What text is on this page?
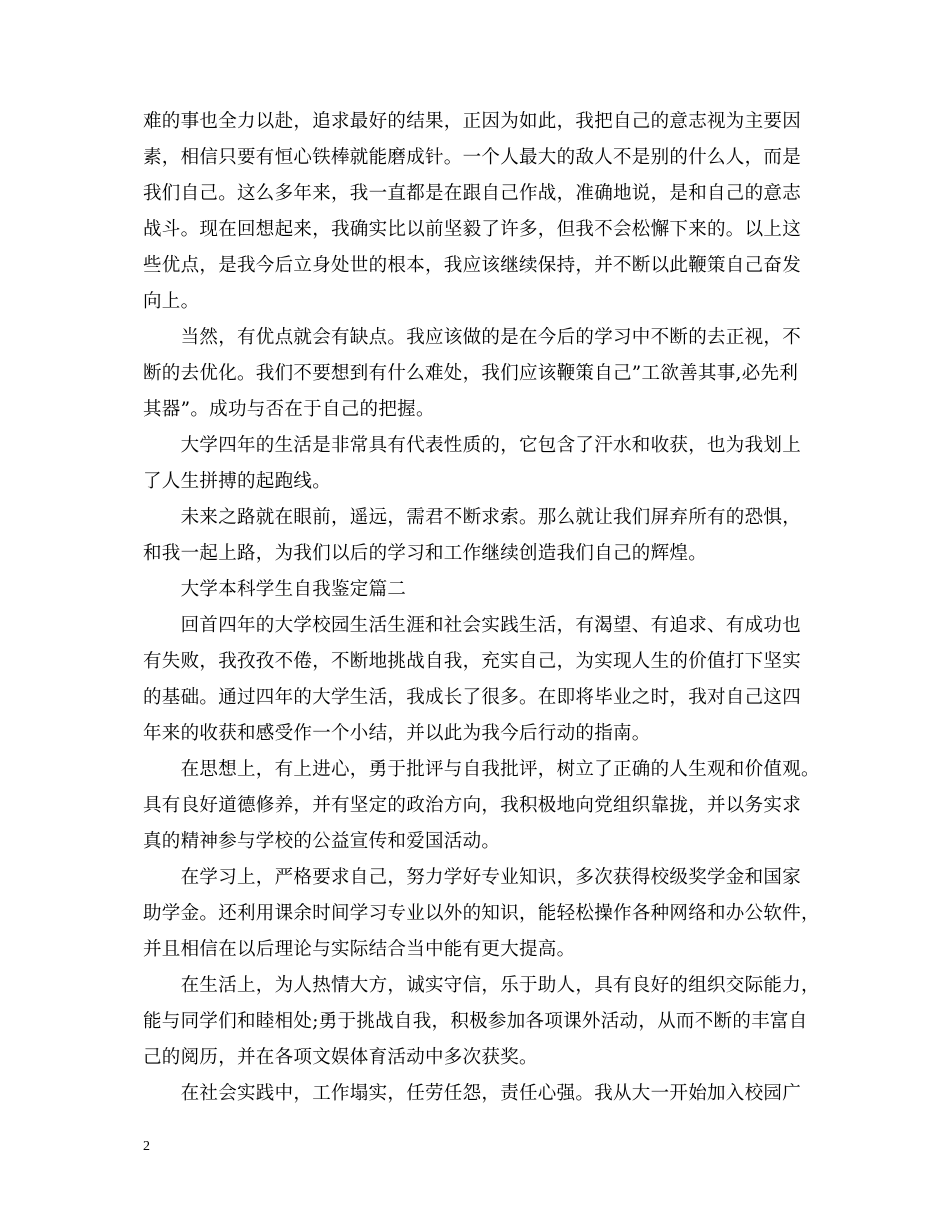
难的事也全力以赴，追求最好的结果，正因为如此，我把自己的意志视为主要因
素，相信只要有恒心铁棒就能磨成针。一个人最大的敌人不是别的什么人，而是
我们自己。这么多年来，我一直都是在跟自己作战，准确地说，是和自己的意志
战斗。现在回想起来，我确实比以前坚毅了许多，但我不会松懈下来的。以上这
些优点，是我今后立身处世的根本，我应该继续保持，并不断以此鞭策自己奋发
向上。
　　当然，有优点就会有缺点。我应该做的是在今后的学习中不断的去正视，不
断的去优化。我们不要想到有什么难处，我们应该鞭策自己”工欲善其事,必先利
其器”。成功与否在于自己的把握。
　　大学四年的生活是非常具有代表性质的，它包含了汗水和收获，也为我划上
了人生拼搏的起跑线。
　　未来之路就在眼前，遥远，需君不断求索。那么就让我们屏弃所有的恐惧，
和我一起上路，为我们以后的学习和工作继续创造我们自己的辉煌。
　　大学本科学生自我鉴定篇二
　　回首四年的大学校园生活生涯和社会实践生活，有渴望、有追求、有成功也
有失败，我孜孜不倦，不断地挑战自我，充实自己，为实现人生的价值打下坚实
的基础。通过四年的大学生活，我成长了很多。在即将毕业之时，我对自己这四
年来的收获和感受作一个小结，并以此为我今后行动的指南。
　　在思想上，有上进心，勇于批评与自我批评，树立了正确的人生观和价值观。
具有良好道德修养，并有坚定的政治方向，我积极地向党组织靠拢，并以务实求
真的精神参与学校的公益宣传和爱国活动。
　　在学习上，严格要求自己，努力学好专业知识，多次获得校级奖学金和国家
助学金。还利用课余时间学习专业以外的知识，能轻松操作各种网络和办公软件，
并且相信在以后理论与实际结合当中能有更大提高。
　　在生活上，为人热情大方，诚实守信，乐于助人，具有良好的组织交际能力，
能与同学们和睦相处;勇于挑战自我，积极参加各项课外活动，从而不断的丰富自
己的阅历，并在各项文娱体育活动中多次获奖。
　　在社会实践中，工作塌实，任劳任怨，责任心强。我从大一开始加入校园广
2
